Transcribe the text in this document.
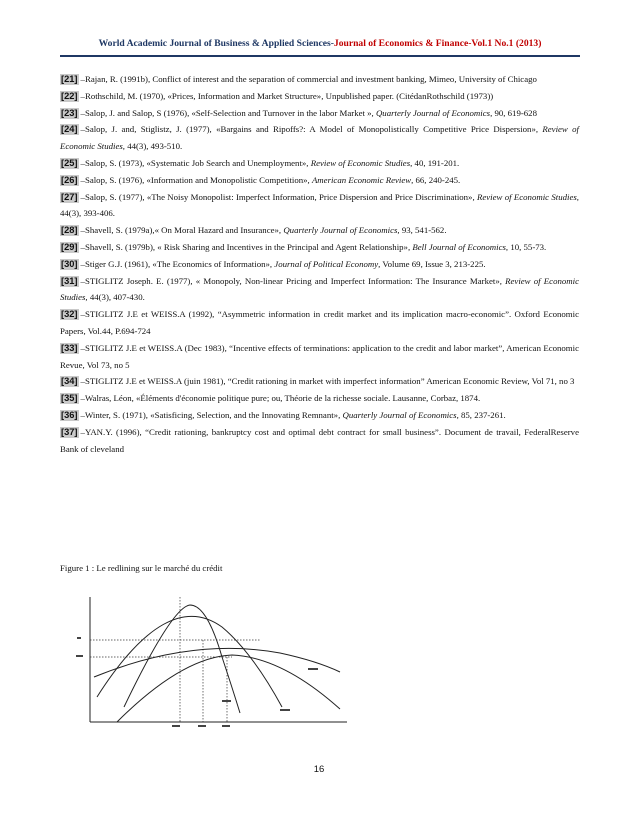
World Academic Journal of Business & Applied Sciences-Journal of Economics & Finance-Vol.1 No.1 (2013)
[21] –Rajan, R. (1991b), Conflict of interest and the separation of commercial and investment banking, Mimeo, University of Chicago
[22] –Rothschild, M. (1970), «Prices, Information and Market Structure», Unpublished paper. (CitédanRothschild (1973))
[23] –Salop, J. and Salop, S (1976), «Self-Selection and Turnover in the labor Market », Quarterly Journal of Economics, 90, 619-628
[24] –Salop, J. and, Stiglistz, J. (1977), «Bargains and Ripoffs?: A Model of Monopolistically Competitive Price Dispersion», Review of Economic Studies, 44(3), 493-510.
[25] –Salop, S. (1973), «Systematic Job Search and Unemployment», Review of Economic Studies, 40, 191-201.
[26] –Salop, S. (1976), «Information and Monopolistic Competition», American Economic Review, 66, 240-245.
[27] –Salop, S. (1977), «The Noisy Monopolist: Imperfect Information, Price Dispersion and Price Discrimination», Review of Economic Studies, 44(3), 393-406.
[28] –Shavell, S. (1979a),« On Moral Hazard and Insurance», Quarterly Journal of Economics, 93, 541-562.
[29] –Shavell, S. (1979b), « Risk Sharing and Incentives in the Principal and Agent Relationship», Bell Journal of Economics, 10, 55-73.
[30] –Stiger G.J. (1961), «The Economics of Information», Journal of Political Economy, Volume 69, Issue 3, 213-225.
[31] –STIGLITZ Joseph. E. (1977), « Monopoly, Non-linear Pricing and Imperfect Information: The Insurance Market», Review of Economic Studies, 44(3), 407-430.
[32] –STIGLITZ J.E et WEISS.A (1992), “Asymmetric information in credit market and its implication macro-economic”. Oxford Economic Papers, Vol.44, P.694-724
[33] –STIGLITZ J.E et WEISS.A (Dec 1983), “Incentive effects of terminations: application to the credit and labor market”, American Economic Revue, Vol 73, no 5
[34] –STIGLITZ J.E et WEISS.A (juin 1981), “Credit rationing in market with imperfect information” American Economic Review, Vol 71, no 3
[35] –Walras, Léon, «Éléments d'économie politique pure; ou, Théorie de la richesse sociale. Lausanne, Corbaz, 1874.
[36] –Winter, S. (1971), «Satisficing, Selection, and the Innovating Remnant», Quarterly Journal of Economics, 85, 237-261.
[37] –YAN.Y. (1996), “Credit rationing, bankruptcy cost and optimal debt contract for small business”. Document de travail, FederalReserve Bank of cleveland
Figure 1 : Le redlining sur le marché du crédit
16
